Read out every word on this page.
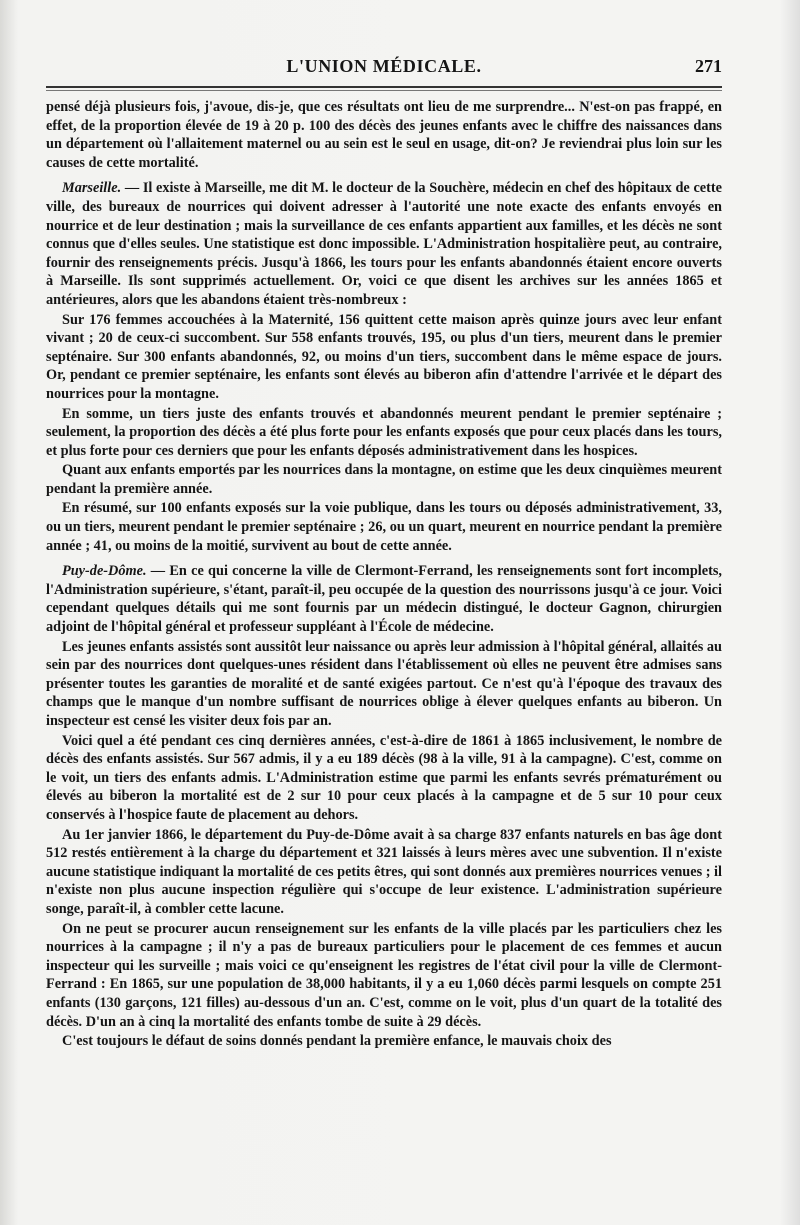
L'UNION MÉDICALE.	271

pensé déjà plusieurs fois, j'avoue, dis-je, que ces résultats ont lieu de me surprendre... N'est-on pas frappé, en effet, de la proportion élevée de 19 à 20 p. 100 des décès des jeunes enfants avec le chiffre des naissances dans un département où l'allaitement maternel ou au sein est le seul en usage, dit-on? Je reviendrai plus loin sur les causes de cette mortalité.

Marseille. — Il existe à Marseille, me dit M. le docteur de la Souchère, médecin en chef des hôpitaux de cette ville, des bureaux de nourrices qui doivent adresser à l'autorité une note exacte des enfants envoyés en nourrice et de leur destination ; mais la surveillance de ces enfants appartient aux familles, et les décès ne sont connus que d'elles seules. Une statistique est donc impossible. L'Administration hospitalière peut, au contraire, fournir des renseignements précis. Jusqu'à 1866, les tours pour les enfants abandonnés étaient encore ouverts à Marseille. Ils sont supprimés actuellement. Or, voici ce que disent les archives sur les années 1865 et antérieures, alors que les abandons étaient très-nombreux :

Sur 176 femmes accouchées à la Maternité, 156 quittent cette maison après quinze jours avec leur enfant vivant ; 20 de ceux-ci succombent. Sur 558 enfants trouvés, 195, ou plus d'un tiers, meurent dans le premier septénaire. Sur 300 enfants abandonnés, 92, ou moins d'un tiers, succombent dans le même espace de jours. Or, pendant ce premier septénaire, les enfants sont élevés au biberon afin d'attendre l'arrivée et le départ des nourrices pour la montagne.

En somme, un tiers juste des enfants trouvés et abandonnés meurent pendant le premier septénaire ; seulement, la proportion des décès a été plus forte pour les enfants exposés que pour ceux placés dans les tours, et plus forte pour ces derniers que pour les enfants déposés administrativement dans les hospices.

Quant aux enfants emportés par les nourrices dans la montagne, on estime que les deux cinquièmes meurent pendant la première année.

En résumé, sur 100 enfants exposés sur la voie publique, dans les tours ou déposés administrativement, 33, ou un tiers, meurent pendant le premier septénaire ; 26, ou un quart, meurent en nourrice pendant la première année ; 41, ou moins de la moitié, survivent au bout de cette année.

Puy-de-Dôme. — En ce qui concerne la ville de Clermont-Ferrand, les renseignements sont fort incomplets, l'Administration supérieure, s'étant, paraît-il, peu occupée de la question des nourrissons jusqu'à ce jour. Voici cependant quelques détails qui me sont fournis par un médecin distingué, le docteur Gagnon, chirurgien adjoint de l'hôpital général et professeur suppléant à l'École de médecine.

Les jeunes enfants assistés sont aussitôt leur naissance ou après leur admission à l'hôpital général, allaités au sein par des nourrices dont quelques-unes résident dans l'établissement où elles ne peuvent être admises sans présenter toutes les garanties de moralité et de santé exigées partout. Ce n'est qu'à l'époque des travaux des champs que le manque d'un nombre suffisant de nourrices oblige à élever quelques enfants au biberon. Un inspecteur est censé les visiter deux fois par an.

Voici quel a été pendant ces cinq dernières années, c'est-à-dire de 1861 à 1865 inclusivement, le nombre de décès des enfants assistés. Sur 567 admis, il y a eu 189 décès (98 à la ville, 91 à la campagne). C'est, comme on le voit, un tiers des enfants admis. L'Administration estime que parmi les enfants sevrés prématurément ou élevés au biberon la mortalité est de 2 sur 10 pour ceux placés à la campagne et de 5 sur 10 pour ceux conservés à l'hospice faute de placement au dehors.

Au 1er janvier 1866, le département du Puy-de-Dôme avait à sa charge 837 enfants naturels en bas âge dont 512 restés entièrement à la charge du département et 321 laissés à leurs mères avec une subvention. Il n'existe aucune statistique indiquant la mortalité de ces petits êtres, qui sont donnés aux premières nourrices venues ; il n'existe non plus aucune inspection régulière qui s'occupe de leur existence. L'administration supérieure songe, paraît-il, à combler cette lacune.

On ne peut se procurer aucun renseignement sur les enfants de la ville placés par les particuliers chez les nourrices à la campagne ; il n'y a pas de bureaux particuliers pour le placement de ces femmes et aucun inspecteur qui les surveille ; mais voici ce qu'enseignent les registres de l'état civil pour la ville de Clermont-Ferrand : En 1865, sur une population de 38,000 habitants, il y a eu 1,060 décès parmi lesquels on compte 251 enfants (130 garçons, 121 filles) au-dessous d'un an. C'est, comme on le voit, plus d'un quart de la totalité des décès. D'un an à cinq la mortalité des enfants tombe de suite à 29 décès.

C'est toujours le défaut de soins donnés pendant la première enfance, le mauvais choix des
